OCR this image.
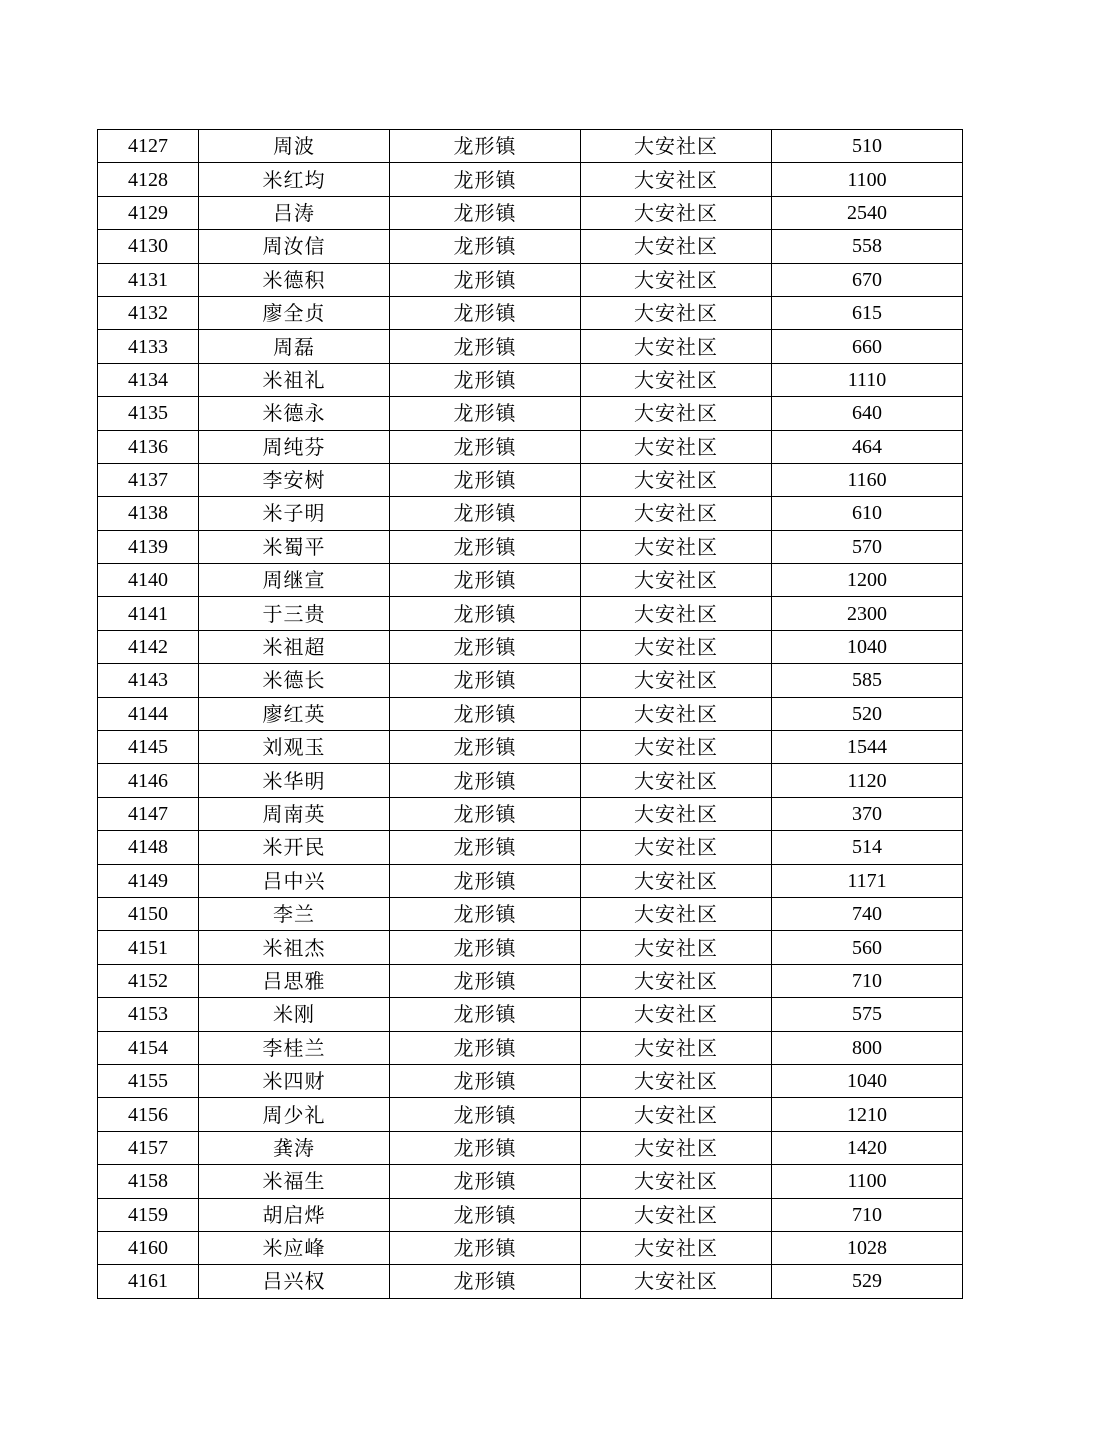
4127	周波	龙形镇	大安社区	510
4128	米红均	龙形镇	大安社区	1100
4129	吕涛	龙形镇	大安社区	2540
4130	周汝信	龙形镇	大安社区	558
4131	米德积	龙形镇	大安社区	670
4132	廖全贞	龙形镇	大安社区	615
4133	周磊	龙形镇	大安社区	660
4134	米祖礼	龙形镇	大安社区	1110
4135	米德永	龙形镇	大安社区	640
4136	周纯芬	龙形镇	大安社区	464
4137	李安树	龙形镇	大安社区	1160
4138	米子明	龙形镇	大安社区	610
4139	米蜀平	龙形镇	大安社区	570
4140	周继宣	龙形镇	大安社区	1200
4141	于三贵	龙形镇	大安社区	2300
4142	米祖超	龙形镇	大安社区	1040
4143	米德长	龙形镇	大安社区	585
4144	廖红英	龙形镇	大安社区	520
4145	刘观玉	龙形镇	大安社区	1544
4146	米华明	龙形镇	大安社区	1120
4147	周南英	龙形镇	大安社区	370
4148	米开民	龙形镇	大安社区	514
4149	吕中兴	龙形镇	大安社区	1171
4150	李兰	龙形镇	大安社区	740
4151	米祖杰	龙形镇	大安社区	560
4152	吕思雅	龙形镇	大安社区	710
4153	米刚	龙形镇	大安社区	575
4154	李桂兰	龙形镇	大安社区	800
4155	米四财	龙形镇	大安社区	1040
4156	周少礼	龙形镇	大安社区	1210
4157	龚涛	龙形镇	大安社区	1420
4158	米福生	龙形镇	大安社区	1100
4159	胡启烨	龙形镇	大安社区	710
4160	米应峰	龙形镇	大安社区	1028
4161	吕兴权	龙形镇	大安社区	529
